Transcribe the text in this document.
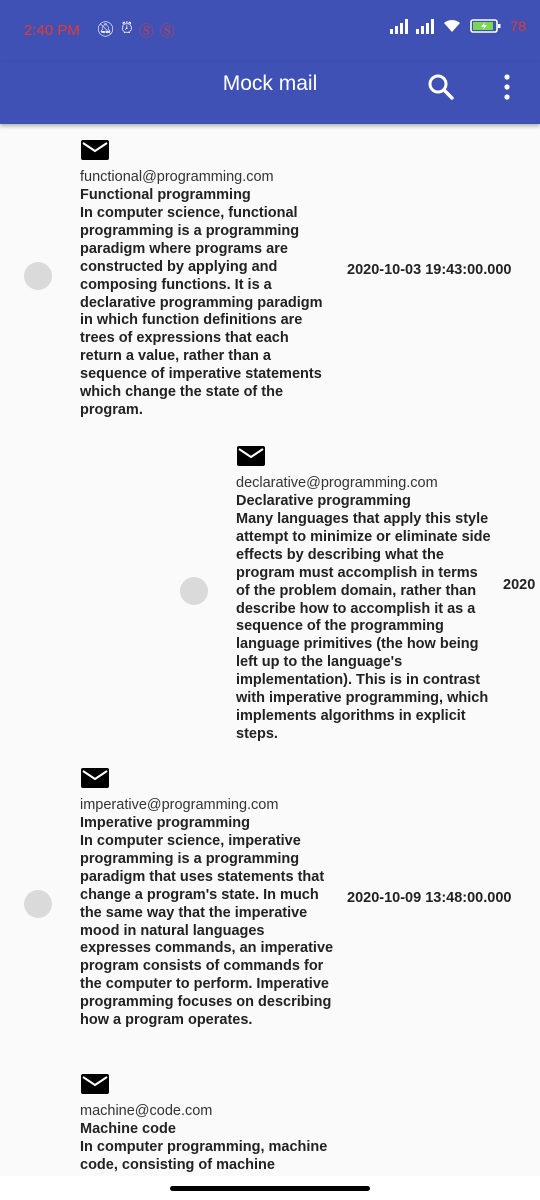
2:40 PM 🔕︎ ⏰︎ Ⓢ Ⓢ	78
Mock mail
functional@programming.com
Functional programming
In computer science, functional programming is a programming paradigm where programs are constructed by applying and composing functions. It is a declarative programming paradigm in which function definitions are trees of expressions that each return a value, rather than a sequence of imperative statements which change the state of the program.
2020-10-03 19:43:00.000
declarative@programming.com
Declarative programming
Many languages that apply this style attempt to minimize or eliminate side effects by describing what the program must accomplish in terms of the problem domain, rather than describe how to accomplish it as a sequence of the programming language primitives (the how being left up to the language's implementation). This is in contrast with imperative programming, which implements algorithms in explicit steps.
2020
imperative@programming.com
Imperative programming
In computer science, imperative programming is a programming paradigm that uses statements that change a program's state. In much the same way that the imperative mood in natural languages expresses commands, an imperative program consists of commands for the computer to perform. Imperative programming focuses on describing how a program operates.
2020-10-09 13:48:00.000
machine@code.com
Machine code
In computer programming, machine code, consisting of machine
